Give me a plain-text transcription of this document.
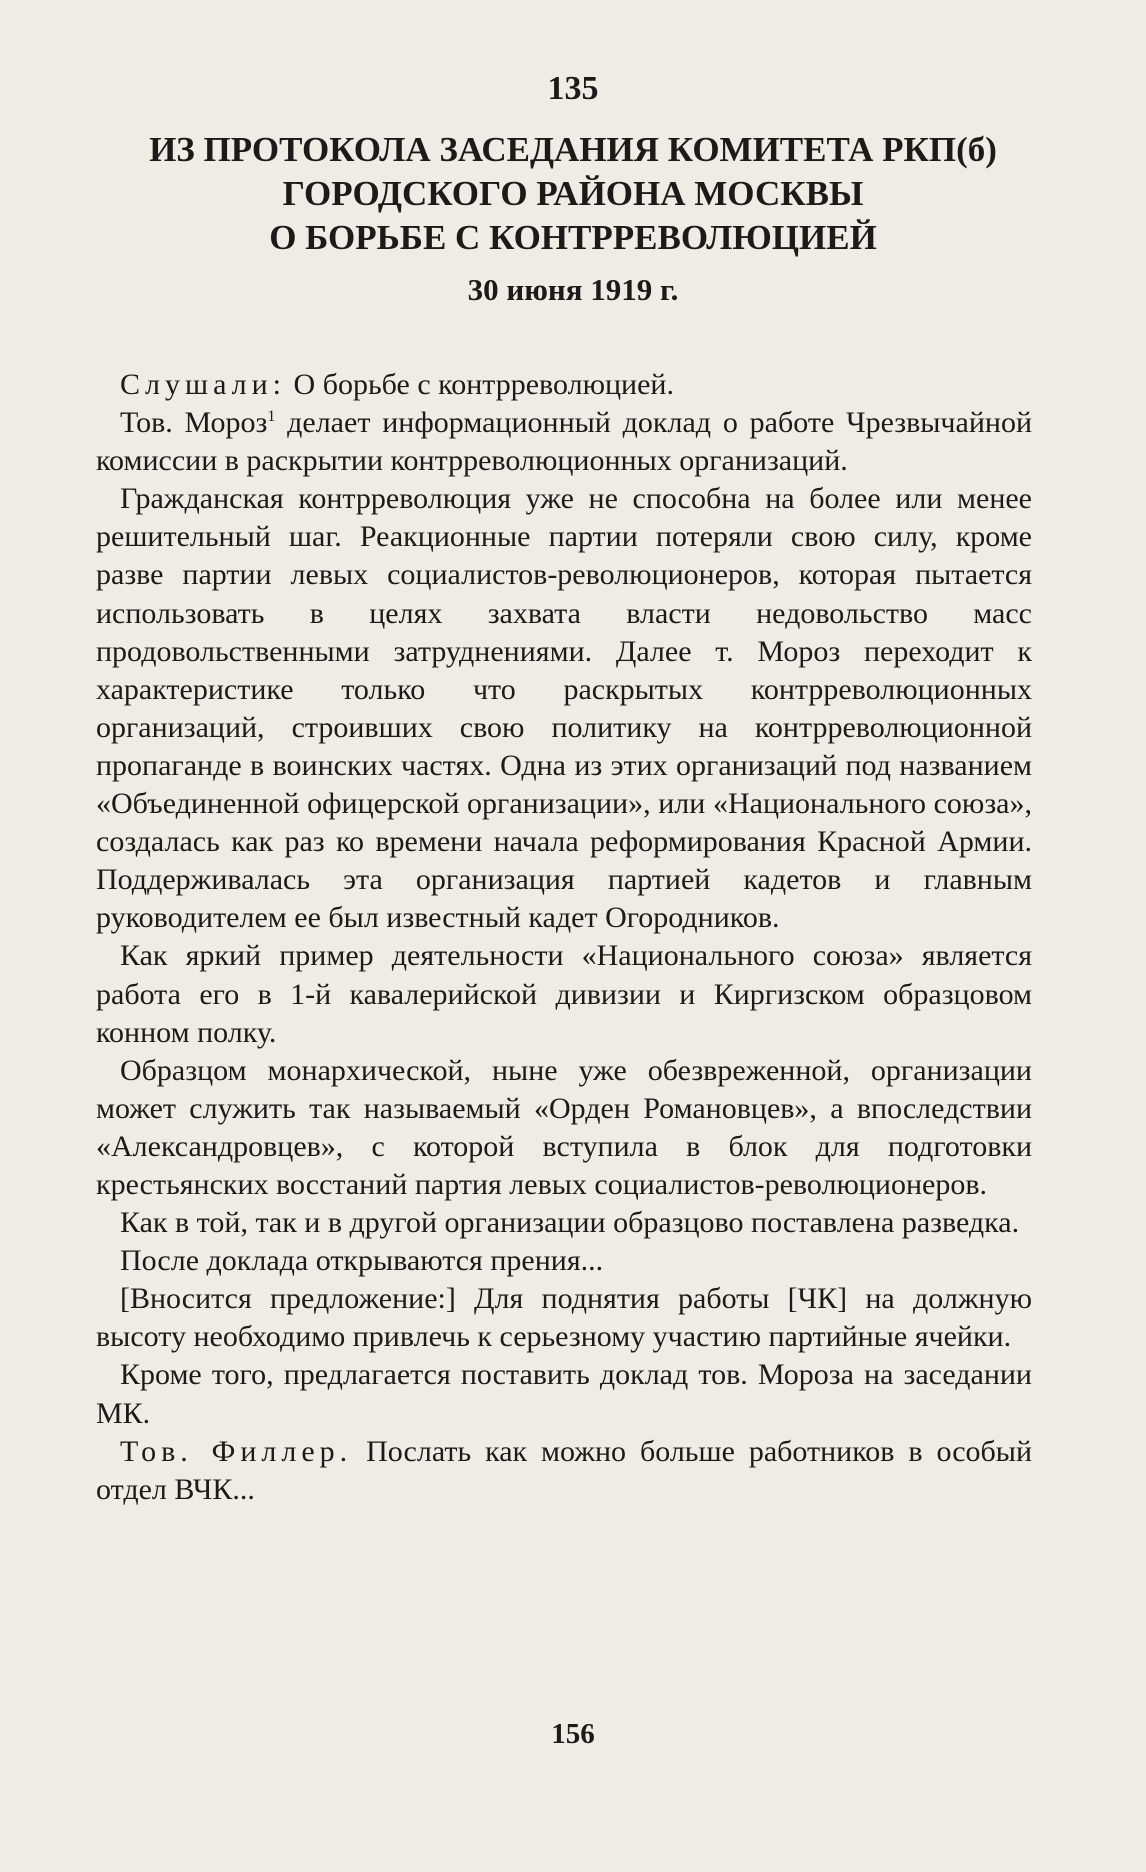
135
ИЗ ПРОТОКОЛА ЗАСЕДАНИЯ КОМИТЕТА РКП(б)
ГОРОДСКОГО РАЙОНА МОСКВЫ
О БОРЬБЕ С КОНТРРЕВОЛЮЦИЕЙ
30 июня 1919 г.

Слушали: О борьбе с контрреволюцией.

Тов. Мороз$^1$ делает информационный доклад о работе Чрезвычайной комиссии в раскрытии контрреволюционных организаций.

Гражданская контрреволюция уже не способна на более или менее решительный шаг. Реакционные партии потеряли свою силу, кроме разве партии левых социалистов-революционеров, которая пытается использовать в целях захвата власти недовольство масс продовольственными затруднениями. Далее т. Мороз переходит к характеристике только что раскрытых контрреволюционных организаций, строивших свою политику на контрреволюционной пропаганде в воинских частях. Одна из этих организаций под названием «Объединенной офицерской организации», или «Национального союза», создалась как раз ко времени начала реформирования Красной Армии. Поддерживалась эта организация партией кадетов и главным руководителем ее был известный кадет Огородников.

Как яркий пример деятельности «Национального союза» является работа его в 1-й кавалерийской дивизии и Киргизском образцовом конном полку.

Образцом монархической, ныне уже обезвреженной, организации может служить так называемый «Орден Романовцев», а впоследствии «Александровцев», с которой вступила в блок для подготовки крестьянских восстаний партия левых социалистов-революционеров.

Как в той, так и в другой организации образцово поставлена разведка.

После доклада открываются прения...

[Вносится предложение:] Для поднятия работы [ЧК] на должную высоту необходимо привлечь к серьезному участию партийные ячейки.

Кроме того, предлагается поставить доклад тов. Мороза на заседании МК.

Тов. Филлер. Послать как можно больше работников в особый отдел ВЧК...

156
